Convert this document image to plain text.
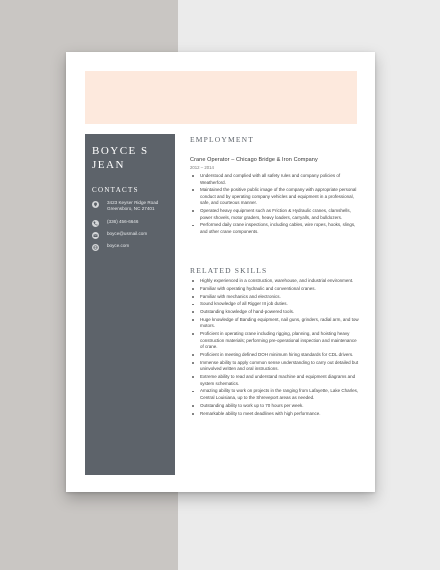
BOYCE S JEAN
CONTACTS
3423 Keyser Ridge Road Greensboro, NC 27401
(336) 456-6646
boyce@usmail.com
boyce.com
EMPLOYMENT
Crane Operator – Chicago Bridge & Iron Company
2012 – 2014
Understood and complied with all safety rules and company policies of Weatherford.
Maintained the positive public image of the company with appropriate personal conduct and by operating company vehicles and equipment in a professional, safe, and courteous manner.
Operated heavy equipment such as Friction & Hydraulic cranes, clamshells, power shovels, motor graders, heavy loaders, carryalls, and bulldozers.
Performed daily crane inspections, including cables, wire ropes, hooks, slings, and other crane components.
RELATED SKILLS
Highly experienced in a construction, warehouse, and industrial environment.
Familiar with operating hydraulic and conventional cranes.
Familiar with mechanics and electronics.
Sound knowledge of all Rigger III job duties.
Outstanding knowledge of hand-powered tools.
Huge knowledge of Banding equipment, nail guns, grinders, radial arm, and tow motors.
Proficient in operating crane including rigging, planning, and hoisting heavy construction materials; performing pre-operational inspection and maintenance of crane.
Proficient in meeting defined DOH minimum hiring standards for CDL drivers.
Immense ability to apply common sense understanding to carry out detailed but uninvolved written and oral instructions.
Extreme ability to read and understand machine and equipment diagrams and system schematics.
Amazing ability to work on projects in the ranging from Lafayette, Lake Charles, Central Louisiana, up to the Shreveport areas as needed.
Outstanding ability to work up to 70 hours per week.
Remarkable ability to meet deadlines with high performance.
